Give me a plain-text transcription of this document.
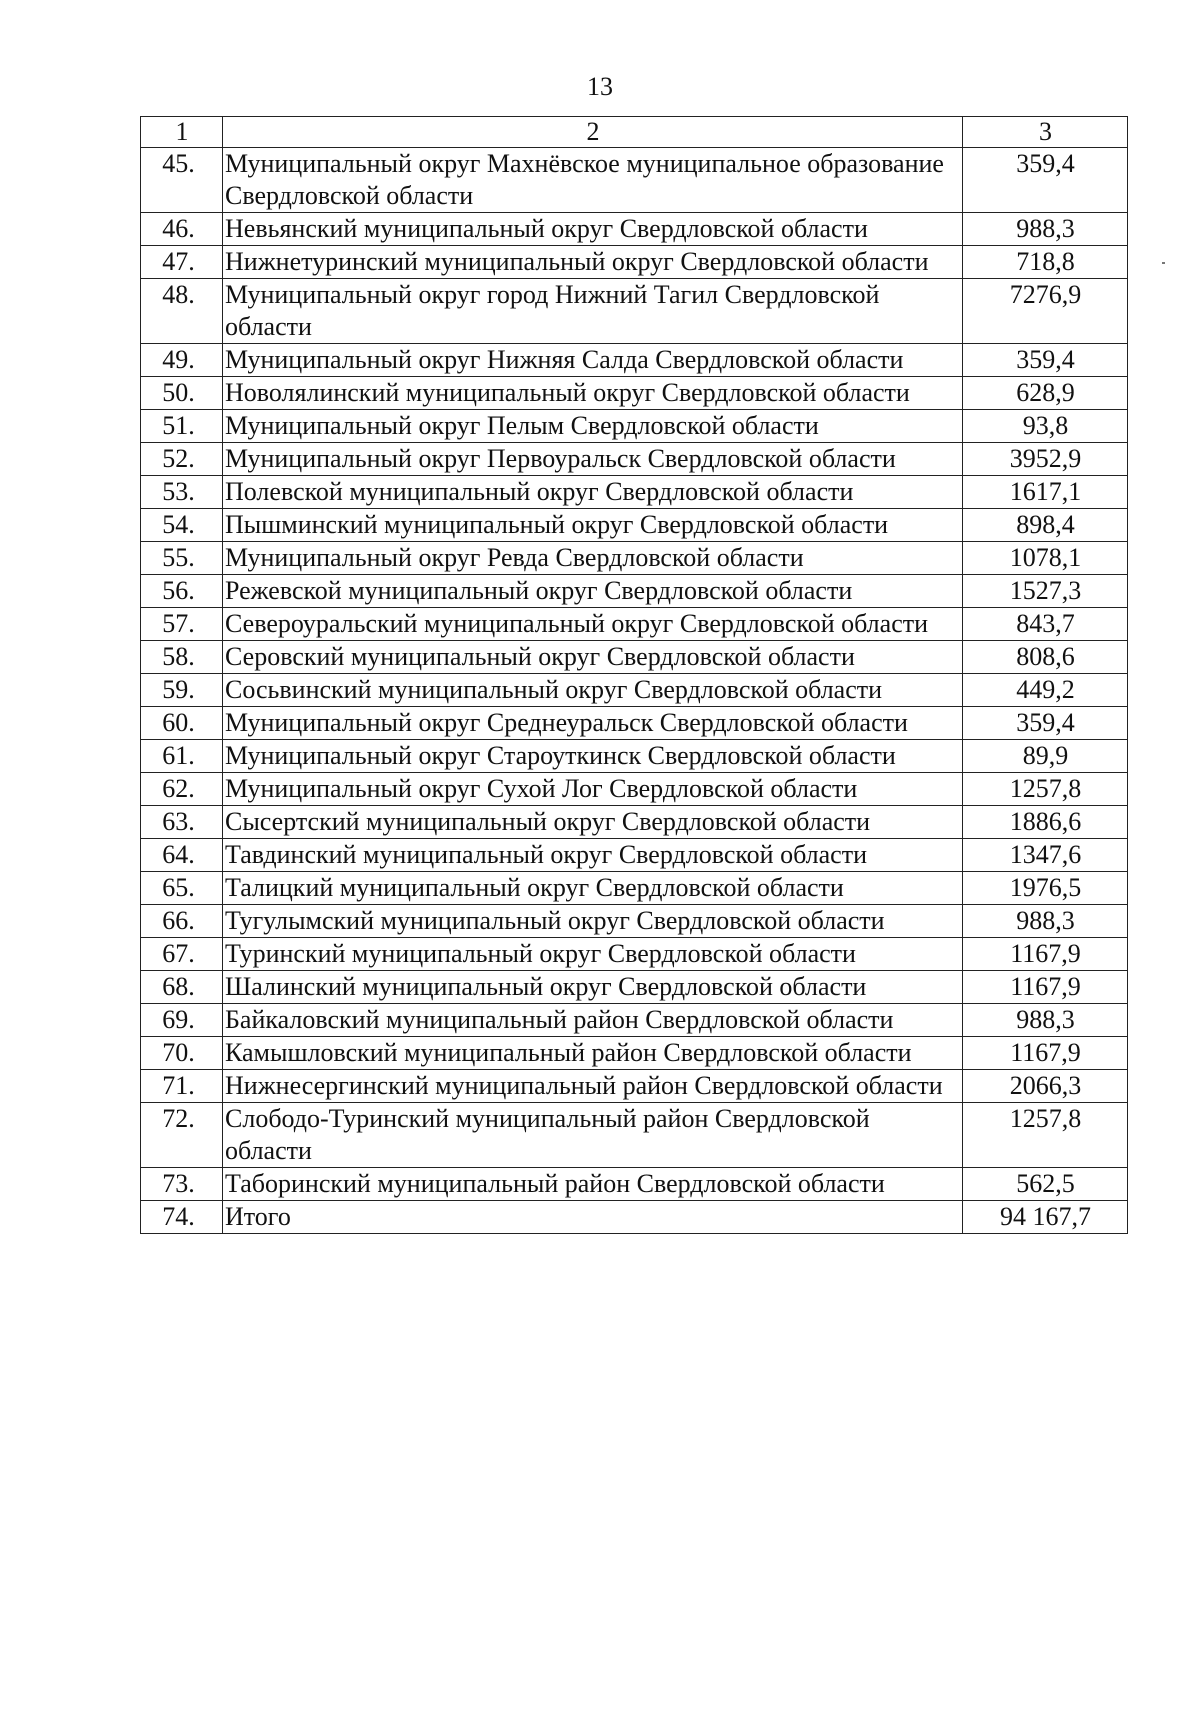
13
1	2	3
45.	Муниципальный округ Махнёвское муниципальное образование Свердловской области	359,4
46.	Невьянский муниципальный округ Свердловской области	988,3
47.	Нижнетуринский муниципальный округ Свердловской области	718,8
48.	Муниципальный округ город Нижний Тагил Свердловской области	7276,9
49.	Муниципальный округ Нижняя Салда Свердловской области	359,4
50.	Новолялинский муниципальный округ Свердловской области	628,9
51.	Муниципальный округ Пелым Свердловской области	93,8
52.	Муниципальный округ Первоуральск Свердловской области	3952,9
53.	Полевской муниципальный округ Свердловской области	1617,1
54.	Пышминский муниципальный округ Свердловской области	898,4
55.	Муниципальный округ Ревда Свердловской области	1078,1
56.	Режевской муниципальный округ Свердловской области	1527,3
57.	Североуральский муниципальный округ Свердловской области	843,7
58.	Серовский муниципальный округ Свердловской области	808,6
59.	Сосьвинский муниципальный округ Свердловской области	449,2
60.	Муниципальный округ Среднеуральск Свердловской области	359,4
61.	Муниципальный округ Староуткинск Свердловской области	89,9
62.	Муниципальный округ Сухой Лог Свердловской области	1257,8
63.	Сысертский муниципальный округ Свердловской области	1886,6
64.	Тавдинский муниципальный округ Свердловской области	1347,6
65.	Талицкий муниципальный округ Свердловской области	1976,5
66.	Тугулымский муниципальный округ Свердловской области	988,3
67.	Туринский муниципальный округ Свердловской области	1167,9
68.	Шалинский муниципальный округ Свердловской области	1167,9
69.	Байкаловский муниципальный район Свердловской области	988,3
70.	Камышловский муниципальный район Свердловской области	1167,9
71.	Нижнесергинский муниципальный район Свердловской области	2066,3
72.	Слободо-Туринский муниципальный район Свердловской области	1257,8
73.	Таборинский муниципальный район Свердловской области	562,5
74.	Итого	94 167,7
